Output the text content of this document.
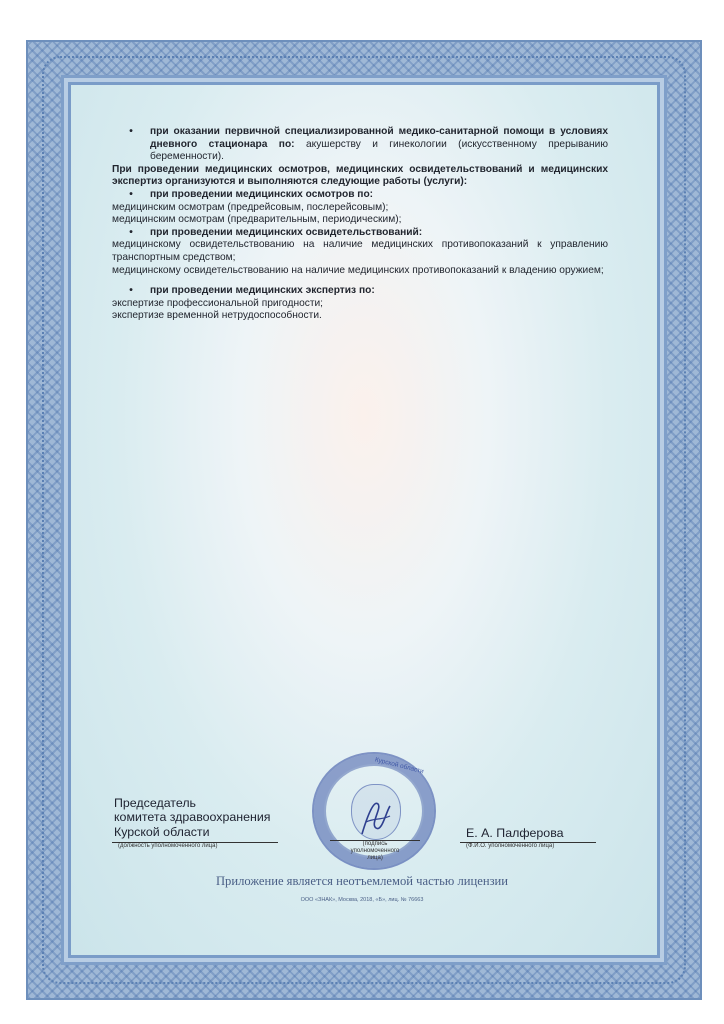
•	при оказании первичной специализированной медико-санитарной помощи в условиях дневного стационара по: акушерству и гинекологии (искусственному прерыванию беременности).

При проведении медицинских осмотров, медицинских освидетельствований и медицинских экспертиз организуются и выполняются следующие работы (услуги):

•	при проведении медицинских осмотров по:

медицинским осмотрам (предрейсовым, послерейсовым);

медицинским осмотрам (предварительным, периодическим);

•	при проведении медицинских освидетельствований:

медицинскому освидетельствованию на наличие медицинских противопоказаний к управлению транспортным средством;

медицинскому освидетельствованию на наличие медицинских противопоказаний к владению оружием;

•	при проведении медицинских экспертиз по:

экспертизе профессиональной пригодности;

экспертизе временной нетрудоспособности.

Председатель
комитета здравоохранения
Курской области
(должность уполномоченного лица)
Курской области
(подпись уполномоченного лица)
Е. А. Палферова
(Ф.И.О. уполномоченного лица)
Приложение является неотъемлемой частью лицензии
ООО «ЗНАК», Москва, 2018, «Б», лиц. № 76663
